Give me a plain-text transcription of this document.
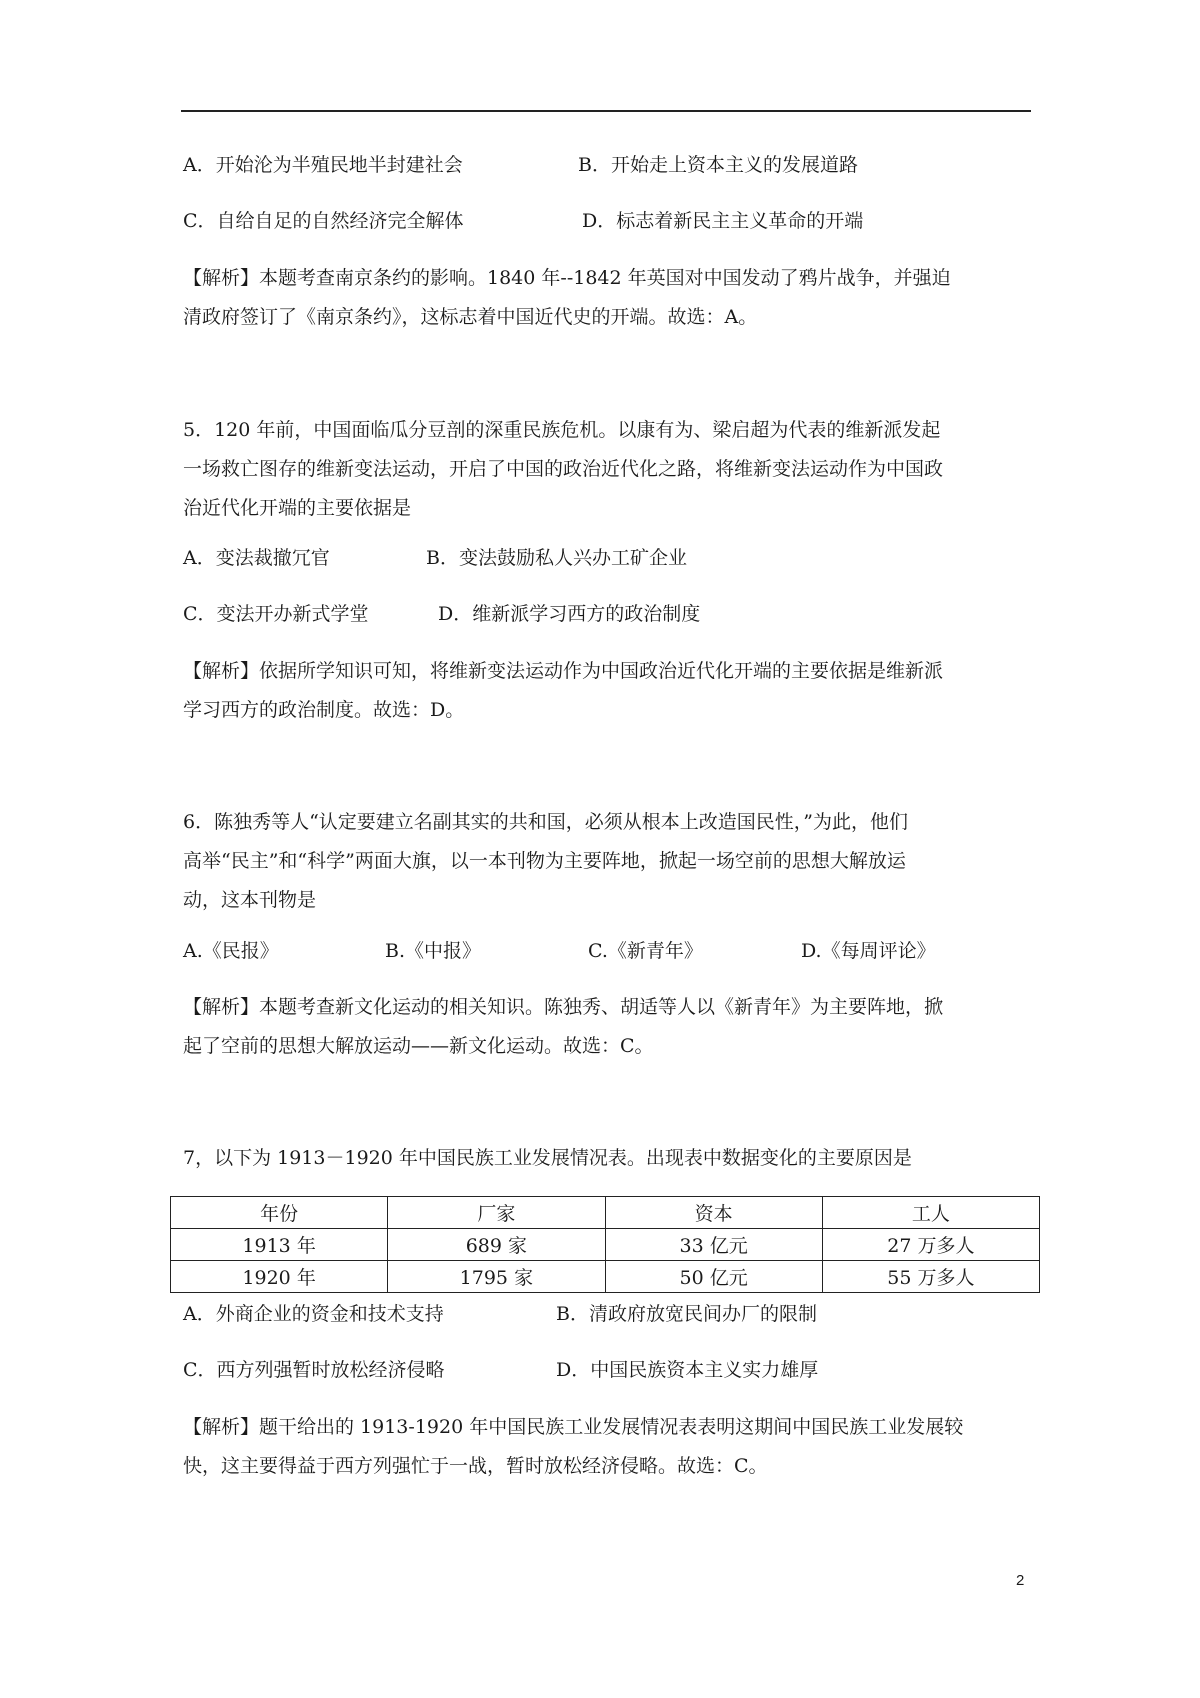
A．开始沦为半殖民地半封建社会	B．开始走上资本主义的发展道路
C．自给自足的自然经济完全解体	D．标志着新民主主义革命的开端
【解析】本题考查南京条约的影响。1840 年--1842 年英国对中国发动了鸦片战争，并强迫
清政府签订了《南京条约》，这标志着中国近代史的开端。故选：A。
5．120 年前，中国面临瓜分豆剖的深重民族危机。以康有为、梁启超为代表的维新派发起
一场救亡图存的维新变法运动，开启了中国的政治近代化之路，将维新变法运动作为中国政
治近代化开端的主要依据是
A．变法裁撤冗官	B．变法鼓励私人兴办工矿企业
C．变法开办新式学堂	D．维新派学习西方的政治制度
【解析】依据所学知识可知，将维新变法运动作为中国政治近代化开端的主要依据是维新派
学习西方的政治制度。故选：D。
6．陈独秀等人“认定要建立名副其实的共和国，必须从根本上改造国民性，”为此，他们
高举“民主”和“科学”两面大旗，以一本刊物为主要阵地，掀起一场空前的思想大解放运
动，这本刊物是
A.《民报》	B.《中报》	C.《新青年》	D.《每周评论》
【解析】本题考查新文化运动的相关知识。陈独秀、胡适等人以《新青年》为主要阵地，掀
起了空前的思想大解放运动——新文化运动。故选：C。
7，以下为 1913－1920 年中国民族工业发展情况表。出现表中数据变化的主要原因是
年份	厂家	资本	工人
1913 年	689 家	33 亿元	27 万多人
1920 年	1795 家	50 亿元	55 万多人
A．外商企业的资金和技术支持	B．清政府放宽民间办厂的限制
C．西方列强暂时放松经济侵略	D．中国民族资本主义实力雄厚
【解析】题干给出的 1913-1920 年中国民族工业发展情况表表明这期间中国民族工业发展较
快，这主要得益于西方列强忙于一战，暂时放松经济侵略。故选：C。
2
